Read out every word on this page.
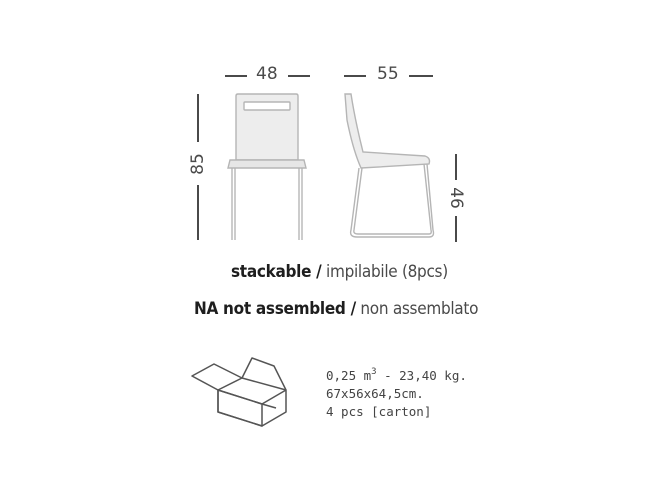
48	55
85
46
stackable / impilabile (8pcs)
NA not assembled / non assemblato
0,25 $m^3 - 23,40$ kg.
67x56x64,5cm.
4 pcs [carton]
